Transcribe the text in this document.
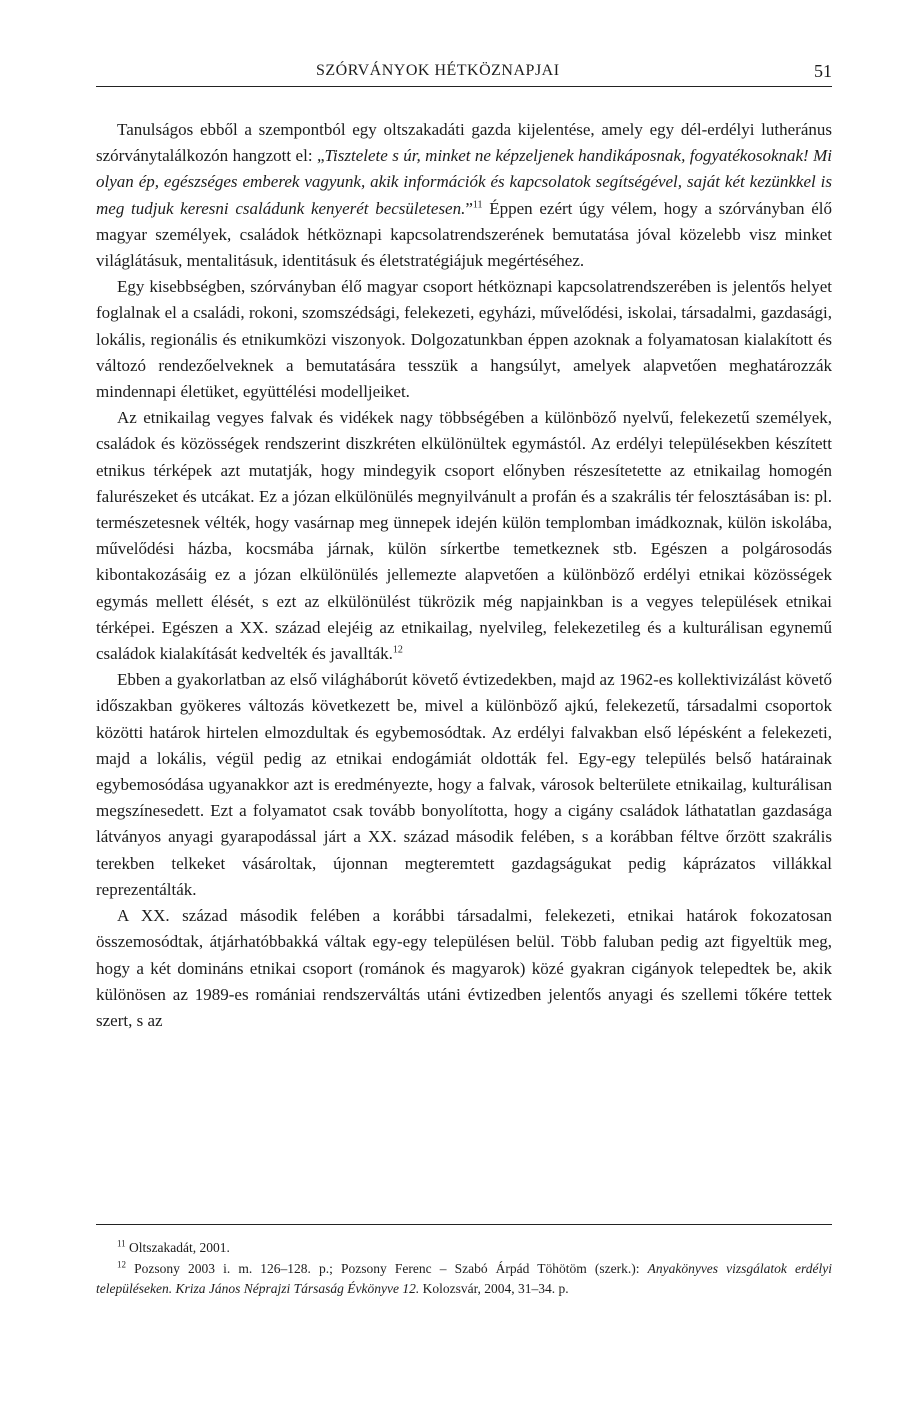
SZÓRVÁNYOK HÉTKÖZNAPJAI	51

Tanulságos ebből a szempontból egy oltszakadáti gazda kijelentése, amely egy dél-erdélyi lutheránus szórványtalálkozón hangzott el: „Tisztelete s úr, minket ne képzeljenek handikáposnak, fogyatékosoknak! Mi olyan ép, egészséges emberek vagyunk, akik információk és kapcsolatok segítségével, saját két kezünkkel is meg tudjuk keresni családunk kenyerét becsületesen.”$^{11}$ Éppen ezért úgy vélem, hogy a szórványban élő magyar személyek, családok hétköznapi kapcsolatrendszerének bemutatása jóval közelebb visz minket világlátásuk, mentalitásuk, identitásuk és életstratégiájuk megértéséhez.

Egy kisebbségben, szórványban élő magyar csoport hétköznapi kapcsolatrendszerében is jelentős helyet foglalnak el a családi, rokoni, szomszédsági, felekezeti, egyházi, művelődési, iskolai, társadalmi, gazdasági, lokális, regionális és etnikumközi viszonyok. Dolgozatunkban éppen azoknak a folyamatosan kialakított és változó rendezőelveknek a bemutatására tesszük a hangsúlyt, amelyek alapvetően meghatározzák mindennapi életüket, együttélési modelljeiket.

Az etnikailag vegyes falvak és vidékek nagy többségében a különböző nyelvű, felekezetű személyek, családok és közösségek rendszerint diszkréten elkülönültek egymástól. Az erdélyi településekben készített etnikus térképek azt mutatják, hogy mindegyik csoport előnyben részesítetette az etnikailag homogén falurészeket és utcákat. Ez a józan elkülönülés megnyilvánult a profán és a szakrális tér felosztásában is: pl. természetesnek vélték, hogy vasárnap meg ünnepek idején külön templomban imádkoznak, külön iskolába, művelődési házba, kocsmába járnak, külön sírkertbe temetkeznek stb. Egészen a polgárosodás kibontakozásáig ez a józan elkülönülés jellemezte alapvetően a különböző erdélyi etnikai közösségek egymás mellett élését, s ezt az elkülönülést tükrözik még napjainkban is a vegyes települések etnikai térképei. Egészen a XX. század elejéig az etnikailag, nyelvileg, felekezetileg és a kulturálisan egynemű családok kialakítását kedvelték és javallták.$^{12}$

Ebben a gyakorlatban az első világháborút követő évtizedekben, majd az 1962-es kollektivizálást követő időszakban gyökeres változás következett be, mivel a különböző ajkú, felekezetű, társadalmi csoportok közötti határok hirtelen elmozdultak és egybemosódtak. Az erdélyi falvakban első lépésként a felekezeti, majd a lokális, végül pedig az etnikai endogámiát oldották fel. Egy-egy település belső határainak egybemosódása ugyanakkor azt is eredményezte, hogy a falvak, városok belterülete etnikailag, kulturálisan megszínesedett. Ezt a folyamatot csak tovább bonyolította, hogy a cigány családok láthatatlan gazdasága látványos anyagi gyarapodással járt a XX. század második felében, s a korábban féltve őrzött szakrális terekben telkeket vásároltak, újonnan megteremtett gazdagságukat pedig káprázatos villákkal reprezentálták.

A XX. század második felében a korábbi társadalmi, felekezeti, etnikai határok fokozatosan összemosódtak, átjárhatóbbakká váltak egy-egy településen belül. Több faluban pedig azt figyeltük meg, hogy a két domináns etnikai csoport (románok és magyarok) közé gyakran cigányok telepedtek be, akik különösen az 1989-es romániai rendszerváltás utáni évtizedben jelentős anyagi és szellemi tőkére tettek szert, s az

$^{11}$ Oltszakadát, 2001.

$^{12}$ Pozsony 2003 i. m. 126–128. p.; Pozsony Ferenc – Szabó Árpád Töhötöm (szerk.): Anyakönyves vizsgálatok erdélyi településeken. Kriza János Néprajzi Társaság Évkönyve 12. Kolozsvár, 2004, 31–34. p.
